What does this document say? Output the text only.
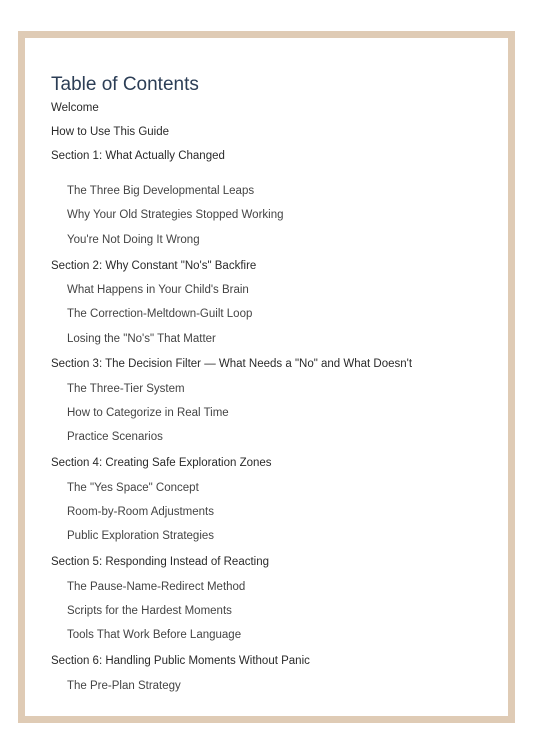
Table of Contents
Welcome
How to Use This Guide
Section 1: What Actually Changed
The Three Big Developmental Leaps
Why Your Old Strategies Stopped Working
You're Not Doing It Wrong
Section 2: Why Constant "No's" Backfire
What Happens in Your Child's Brain
The Correction-Meltdown-Guilt Loop
Losing the "No's" That Matter
Section 3: The Decision Filter — What Needs a "No" and What Doesn't
The Three-Tier System
How to Categorize in Real Time
Practice Scenarios
Section 4: Creating Safe Exploration Zones
The "Yes Space" Concept
Room-by-Room Adjustments
Public Exploration Strategies
Section 5: Responding Instead of Reacting
The Pause-Name-Redirect Method
Scripts for the Hardest Moments
Tools That Work Before Language
Section 6: Handling Public Moments Without Panic
The Pre-Plan Strategy
